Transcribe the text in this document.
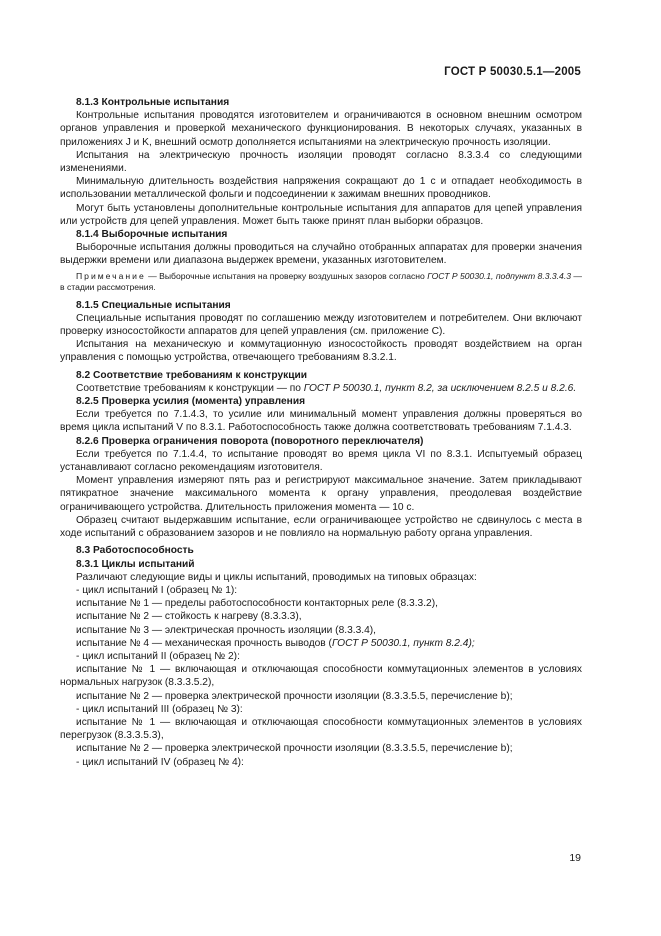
ГОСТ Р 50030.5.1—2005

8.1.3 Контрольные испытания

Контрольные испытания проводятся изготовителем и ограничиваются в основном внешним осмотром органов управления и проверкой механического функционирования. В некоторых случаях, указанных в приложениях J и K, внешний осмотр дополняется испытаниями на электрическую прочность изоляции.

Испытания на электрическую прочность изоляции проводят согласно 8.3.3.4 со следующими изменениями.

Минимальную длительность воздействия напряжения сокращают до 1 с и отпадает необходимость в использовании металлической фольги и подсоединении к зажимам внешних проводников.

Могут быть установлены дополнительные контрольные испытания для аппаратов для цепей управления или устройств для цепей управления. Может быть также принят план выборки образцов.

8.1.4 Выборочные испытания

Выборочные испытания должны проводиться на случайно отобранных аппаратах для проверки значения выдержки времени или диапазона выдержек времени, указанных изготовителем.

Примечание — Выборочные испытания на проверку воздушных зазоров согласно ГОСТ Р 50030.1, подпункт 8.3.3.4.3 — в стадии рассмотрения.

8.1.5 Специальные испытания

Специальные испытания проводят по соглашению между изготовителем и потребителем. Они включают проверку износостойкости аппаратов для цепей управления (см. приложение С).

Испытания на механическую и коммутационную износостойкость проводят воздействием на орган управления с помощью устройства, отвечающего требованиям 8.3.2.1.

8.2 Соответствие требованиям к конструкции

Соответствие требованиям к конструкции — по ГОСТ Р 50030.1, пункт 8.2, за исключением 8.2.5 и 8.2.6.

8.2.5 Проверка усилия (момента) управления

Если требуется по 7.1.4.3, то усилие или минимальный момент управления должны проверяться во время цикла испытаний V по 8.3.1. Работоспособность также должна соответствовать требованиям 7.1.4.3.

8.2.6 Проверка ограничения поворота (поворотного переключателя)

Если требуется по 7.1.4.4, то испытание проводят во время цикла VI по 8.3.1. Испытуемый образец устанавливают согласно рекомендациям изготовителя.

Момент управления измеряют пять раз и регистрируют максимальное значение. Затем прикладывают пятикратное значение максимального момента к органу управления, преодолевая воздействие ограничивающего устройства. Длительность приложения момента — 10 с.

Образец считают выдержавшим испытание, если ограничивающее устройство не сдвинулось с места в ходе испытаний с образованием зазоров и не повлияло на нормальную работу органа управления.

8.3 Работоспособность

8.3.1 Циклы испытаний

Различают следующие виды и циклы испытаний, проводимых на типовых образцах:

- цикл испытаний I (образец № 1):

испытание № 1 — пределы работоспособности контакторных реле (8.3.3.2),

испытание № 2 — стойкость к нагреву (8.3.3.3),

испытание № 3 — электрическая прочность изоляции (8.3.3.4),

испытание № 4 — механическая прочность выводов (ГОСТ Р 50030.1, пункт 8.2.4);

- цикл испытаний II (образец № 2):

испытание № 1 — включающая и отключающая способности коммутационных элементов в условиях нормальных нагрузок (8.3.3.5.2),

испытание № 2 — проверка электрической прочности изоляции (8.3.3.5.5, перечисление b);

- цикл испытаний III (образец № 3):

испытание № 1 — включающая и отключающая способности коммутационных элементов в условиях перегрузок (8.3.3.5.3),

испытание № 2 — проверка электрической прочности изоляции (8.3.3.5.5, перечисление b);

- цикл испытаний IV (образец № 4):

19
